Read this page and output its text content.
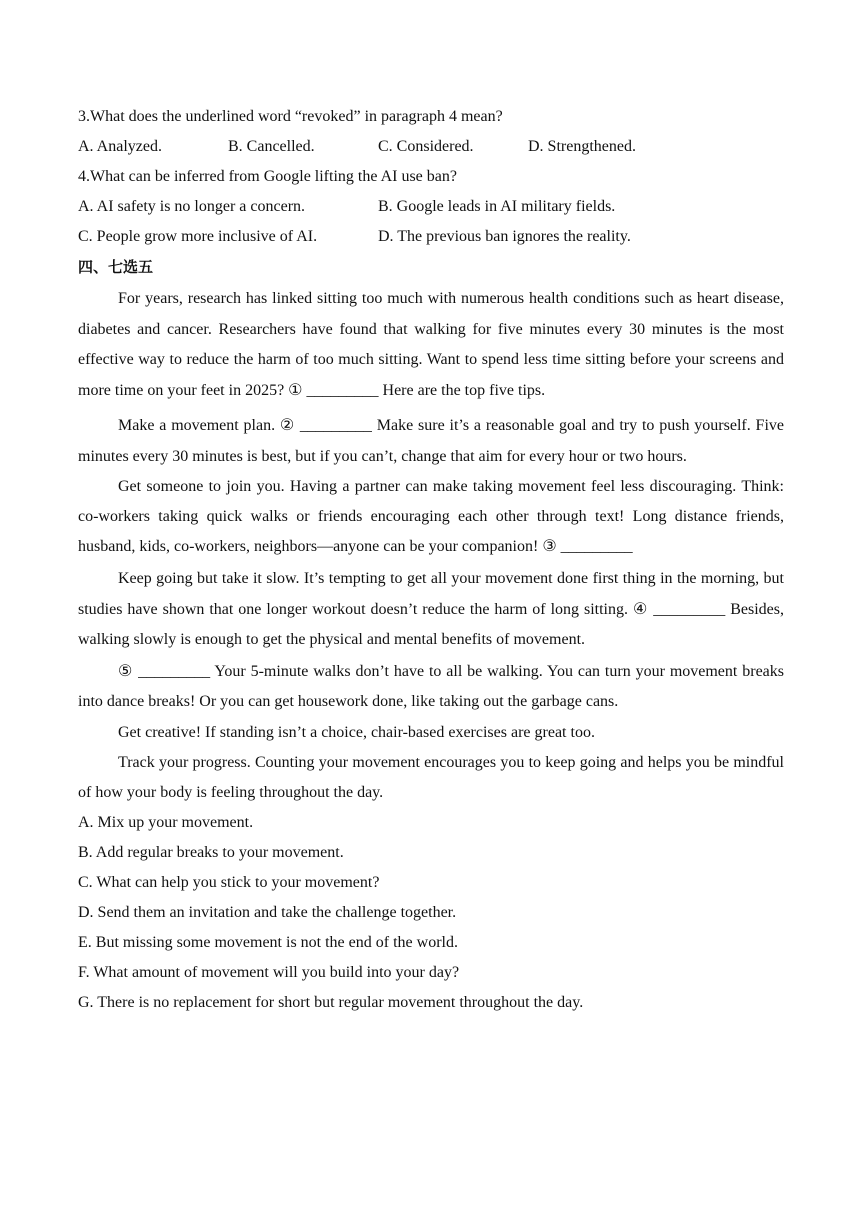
3.What does the underlined word “revoked” in paragraph 4 mean?
A. Analyzed.	B. Cancelled.	C. Considered.	D. Strengthened.
4.What can be inferred from Google lifting the AI use ban?
A. AI safety is no longer a concern.	B. Google leads in AI military fields.
C. People grow more inclusive of AI.	D. The previous ban ignores the reality.
四、七选五

For years, research has linked sitting too much with numerous health conditions such as heart disease, diabetes and cancer. Researchers have found that walking for five minutes every 30 minutes is the most effective way to reduce the harm of too much sitting. Want to spend less time sitting before your screens and more time on your feet in 2025? ① _________ Here are the top five tips.

Make a movement plan. ② _________ Make sure it’s a reasonable goal and try to push yourself. Five minutes every 30 minutes is best, but if you can’t, change that aim for every hour or two hours.

Get someone to join you. Having a partner can make taking movement feel less discouraging. Think: co-workers taking quick walks or friends encouraging each other through text! Long distance friends, husband, kids, co-workers, neighbors—anyone can be your companion! ③ _________

Keep going but take it slow. It’s tempting to get all your movement done first thing in the morning, but studies have shown that one longer workout doesn’t reduce the harm of long sitting. ④ _________ Besides, walking slowly is enough to get the physical and mental benefits of movement.

⑤ _________ Your 5-minute walks don’t have to all be walking. You can turn your movement breaks into dance breaks! Or you can get housework done, like taking out the garbage cans.

Get creative! If standing isn’t a choice, chair-based exercises are great too.

Track your progress. Counting your movement encourages you to keep going and helps you be mindful of how your body is feeling throughout the day.

A. Mix up your movement.
B. Add regular breaks to your movement.
C. What can help you stick to your movement?
D. Send them an invitation and take the challenge together.
E. But missing some movement is not the end of the world.
F. What amount of movement will you build into your day?
G. There is no replacement for short but regular movement throughout the day.
